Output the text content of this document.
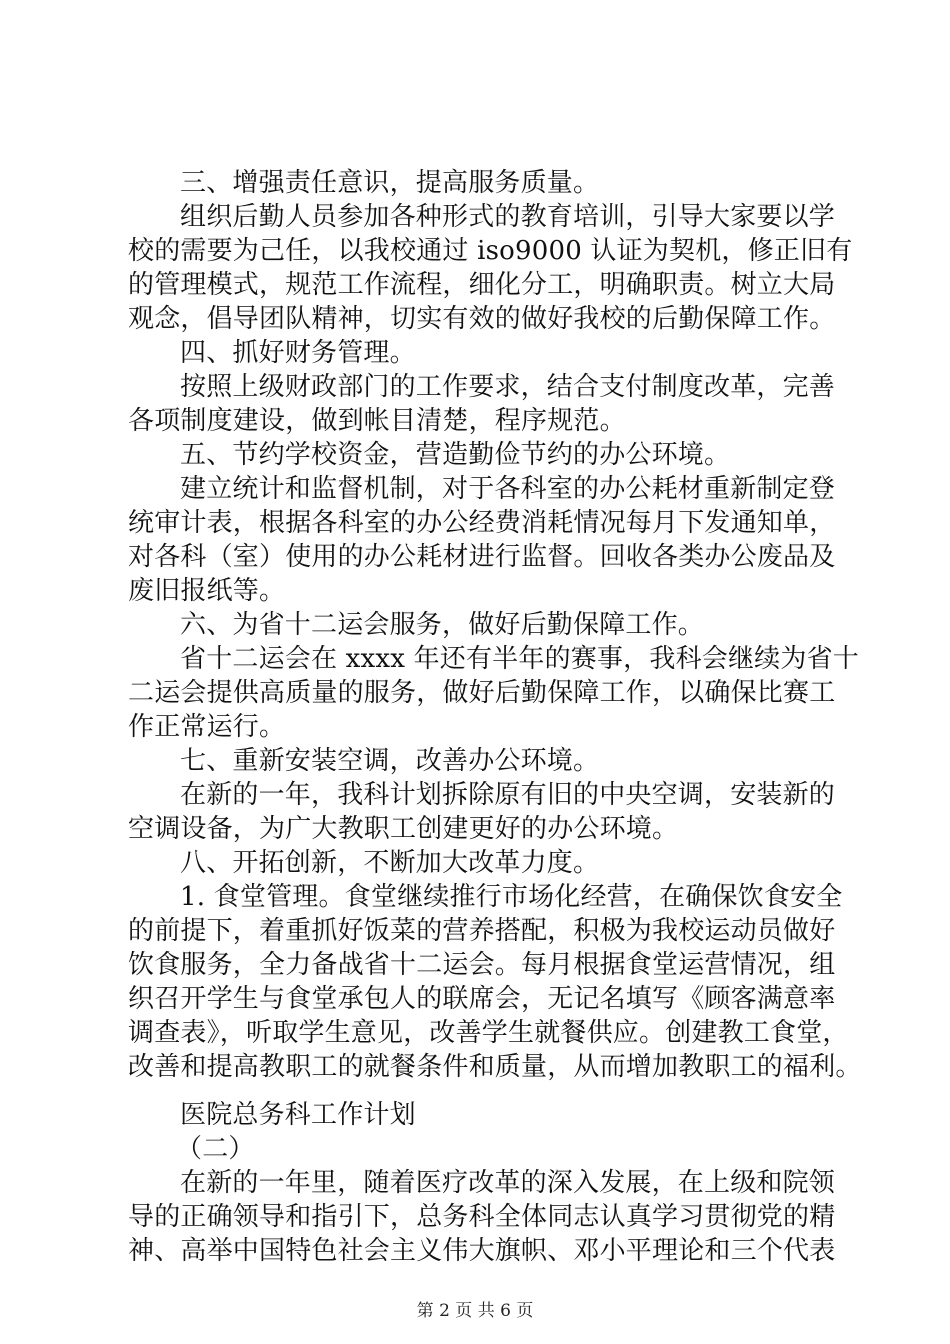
三、增强责任意识，提高服务质量。
组织后勤人员参加各种形式的教育培训，引导大家要以学
校的需要为己任，以我校通过 iso9000 认证为契机，修正旧有
的管理模式，规范工作流程，细化分工，明确职责。树立大局
观念，倡导团队精神，切实有效的做好我校的后勤保障工作。
四、抓好财务管理。
按照上级财政部门的工作要求，结合支付制度改革，完善
各项制度建设，做到帐目清楚，程序规范。
五、节约学校资金，营造勤俭节约的办公环境。
建立统计和监督机制，对于各科室的办公耗材重新制定登
统审计表，根据各科室的办公经费消耗情况每月下发通知单，
对各科（室）使用的办公耗材进行监督。回收各类办公废品及
废旧报纸等。
六、为省十二运会服务，做好后勤保障工作。
省十二运会在 xxxx 年还有半年的赛事，我科会继续为省十
二运会提供高质量的服务，做好后勤保障工作，以确保比赛工
作正常运行。
七、重新安装空调，改善办公环境。
在新的一年，我科计划拆除原有旧的中央空调，安装新的
空调设备，为广大教职工创建更好的办公环境。
八、开拓创新，不断加大改革力度。
1. 食堂管理。食堂继续推行市场化经营，在确保饮食安全
的前提下，着重抓好饭菜的营养搭配，积极为我校运动员做好
饮食服务，全力备战省十二运会。每月根据食堂运营情况，组
织召开学生与食堂承包人的联席会，无记名填写《顾客满意率
调查表》，听取学生意见，改善学生就餐供应。创建教工食堂，
改善和提高教职工的就餐条件和质量，从而增加教职工的福利。
医院总务科工作计划
（二）
在新的一年里，随着医疗改革的深入发展，在上级和院领
导的正确领导和指引下，总务科全体同志认真学习贯彻党的精
神、高举中国特色社会主义伟大旗帜、邓小平理论和三个代表
第 2 页 共 6 页
